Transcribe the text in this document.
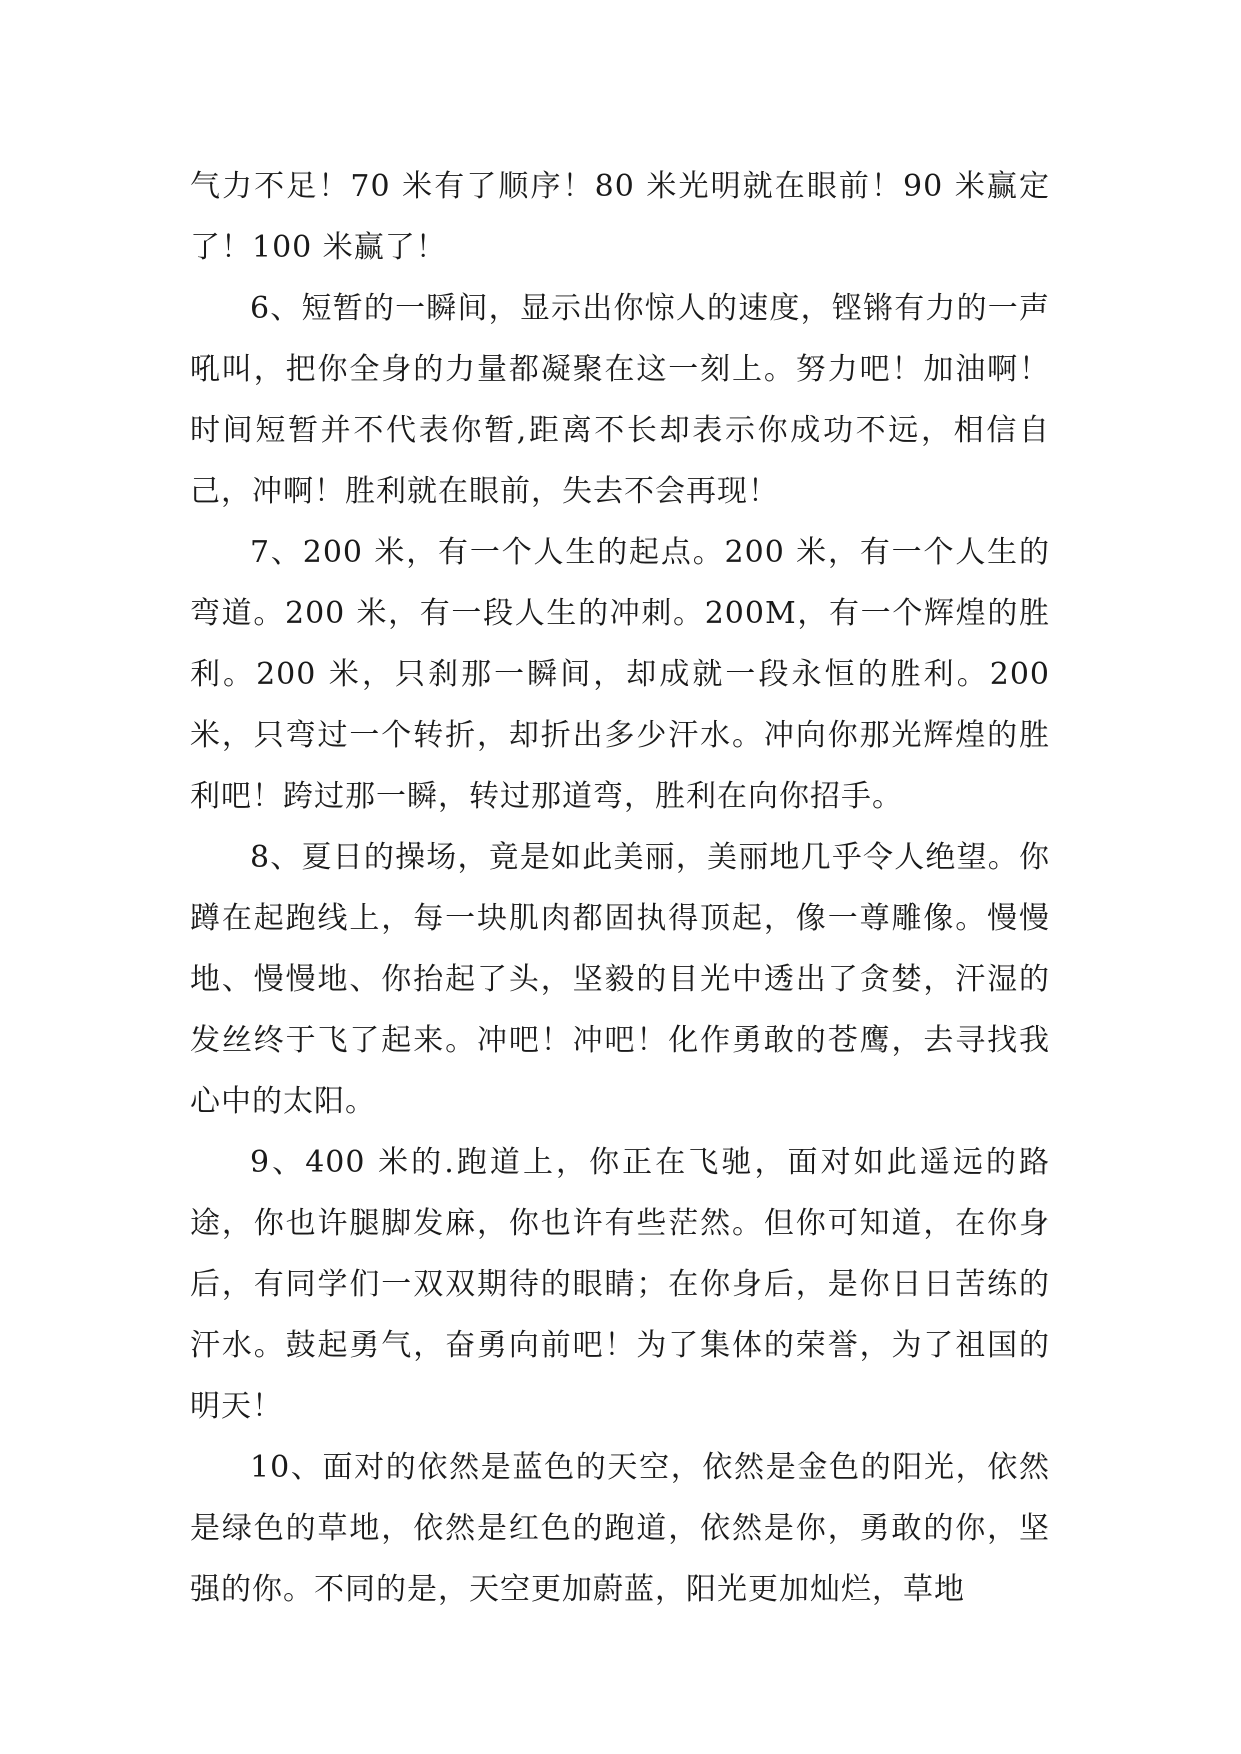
气力不足！70 米有了顺序！80 米光明就在眼前！90 米赢定了！100 米赢了！

6、短暂的一瞬间，显示出你惊人的速度，铿锵有力的一声吼叫，把你全身的力量都凝聚在这一刻上。努力吧！加油啊！时间短暂并不代表你暂,距离不长却表示你成功不远，相信自己，冲啊！胜利就在眼前，失去不会再现！

7、200 米，有一个人生的起点。200 米，有一个人生的弯道。200 米，有一段人生的冲刺。200M，有一个辉煌的胜利。200 米，只刹那一瞬间，却成就一段永恒的胜利。200米，只弯过一个转折，却折出多少汗水。冲向你那光辉煌的胜利吧！跨过那一瞬，转过那道弯，胜利在向你招手。

8、夏日的操场，竟是如此美丽，美丽地几乎令人绝望。你蹲在起跑线上，每一块肌肉都固执得顶起，像一尊雕像。慢慢地、慢慢地、你抬起了头，坚毅的目光中透出了贪婪，汗湿的发丝终于飞了起来。冲吧！冲吧！化作勇敢的苍鹰，去寻找我心中的太阳。

9、400 米的.跑道上，你正在飞驰，面对如此遥远的路途，你也许腿脚发麻，你也许有些茫然。但你可知道，在你身后，有同学们一双双期待的眼睛；在你身后，是你日日苦练的汗水。鼓起勇气，奋勇向前吧！为了集体的荣誉，为了祖国的明天！

10、面对的依然是蓝色的天空，依然是金色的阳光，依然是绿色的草地，依然是红色的跑道，依然是你，勇敢的你，坚强的你。不同的是，天空更加蔚蓝，阳光更加灿烂，草地
